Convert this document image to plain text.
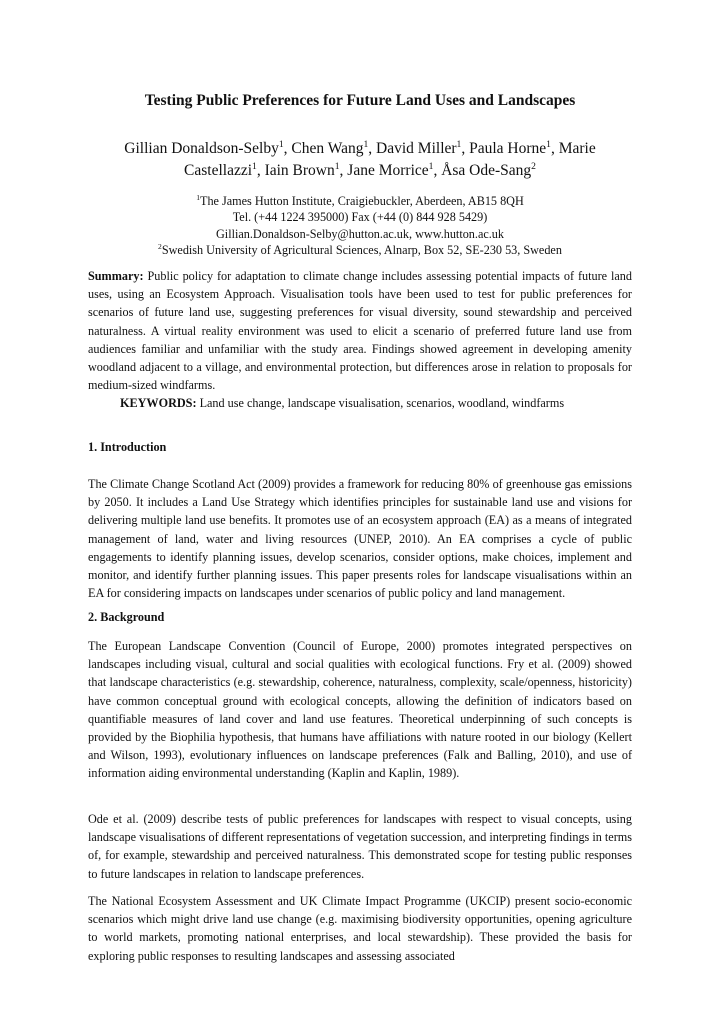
Testing Public Preferences for Future Land Uses and Landscapes
Gillian Donaldson-Selby$^1$, Chen Wang$^1$, David Miller$^1$, Paula Horne$^1$, Marie
Castellazzi$^1$, Iain Brown$^1$, Jane Morrice$^1$, Åsa Ode-Sang$^2$
$^1$The James Hutton Institute, Craigiebuckler, Aberdeen, AB15 8QH
Tel. (+44 1224 395000) Fax (+44 (0) 844 928 5429)
Gillian.Donaldson-Selby@hutton.ac.uk, www.hutton.ac.uk
$^2$Swedish University of Agricultural Sciences, Alnarp, Box 52, SE-230 53, Sweden

Summary: Public policy for adaptation to climate change includes assessing potential impacts of future land uses, using an Ecosystem Approach. Visualisation tools have been used to test for public preferences for scenarios of future land use, suggesting preferences for visual diversity, sound stewardship and perceived naturalness. A virtual reality environment was used to elicit a scenario of preferred future land use from audiences familiar and unfamiliar with the study area. Findings showed agreement in developing amenity woodland adjacent to a village, and environmental protection, but differences arose in relation to proposals for medium-sized windfarms.

KEYWORDS: Land use change, landscape visualisation, scenarios, woodland, windfarms
1. Introduction

The Climate Change Scotland Act (2009) provides a framework for reducing 80% of greenhouse gas emissions by 2050. It includes a Land Use Strategy which identifies principles for sustainable land use and visions for delivering multiple land use benefits. It promotes use of an ecosystem approach (EA) as a means of integrated management of land, water and living resources (UNEP, 2010). An EA comprises a cycle of public engagements to identify planning issues, develop scenarios, consider options, make choices, implement and monitor, and identify further planning issues. This paper presents roles for landscape visualisations within an EA for considering impacts on landscapes under scenarios of public policy and land management.

2. Background

The European Landscape Convention (Council of Europe, 2000) promotes integrated perspectives on landscapes including visual, cultural and social qualities with ecological functions. Fry et al. (2009) showed that landscape characteristics (e.g. stewardship, coherence, naturalness, complexity, scale/openness, historicity) have common conceptual ground with ecological concepts, allowing the definition of indicators based on quantifiable measures of land cover and land use features. Theoretical underpinning of such concepts is provided by the Biophilia hypothesis, that humans have affiliations with nature rooted in our biology (Kellert and Wilson, 1993), evolutionary influences on landscape preferences (Falk and Balling, 2010), and use of information aiding environmental understanding (Kaplin and Kaplin, 1989).

Ode et al. (2009) describe tests of public preferences for landscapes with respect to visual concepts, using landscape visualisations of different representations of vegetation succession, and interpreting findings in terms of, for example, stewardship and perceived naturalness. This demonstrated scope for testing public responses to future landscapes in relation to landscape preferences.

The National Ecosystem Assessment and UK Climate Impact Programme (UKCIP) present socio-economic scenarios which might drive land use change (e.g. maximising biodiversity opportunities, opening agriculture to world markets, promoting national enterprises, and local stewardship). These provided the basis for exploring public responses to resulting landscapes and assessing associated
